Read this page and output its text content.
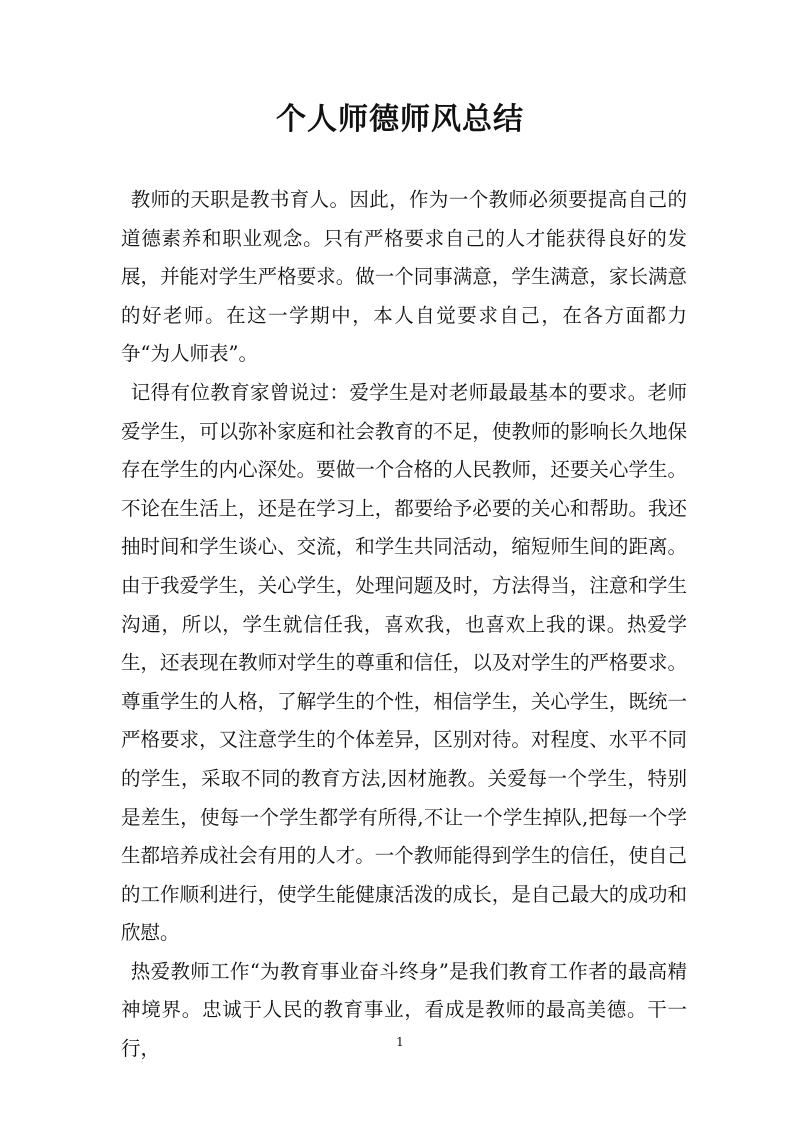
个人师德师风总结

教师的天职是教书育人。因此，作为一个教师必须要提高自己的道德素养和职业观念。只有严格要求自己的人才能获得良好的发展，并能对学生严格要求。做一个同事满意，学生满意，家长满意的好老师。在这一学期中，本人自觉要求自己，在各方面都力争“为人师表”。

记得有位教育家曾说过：爱学生是对老师最最基本的要求。老师爱学生，可以弥补家庭和社会教育的不足，使教师的影响长久地保存在学生的内心深处。要做一个合格的人民教师，还要关心学生。不论在生活上，还是在学习上，都要给予必要的关心和帮助。我还抽时间和学生谈心、交流，和学生共同活动，缩短师生间的距离。由于我爱学生，关心学生，处理问题及时，方法得当，注意和学生沟通，所以，学生就信任我，喜欢我，也喜欢上我的课。热爱学生，还表现在教师对学生的尊重和信任，以及对学生的严格要求。尊重学生的人格，了解学生的个性，相信学生，关心学生，既统一严格要求，又注意学生的个体差异，区别对待。对程度、水平不同的学生，采取不同的教育方法,因材施教。关爱每一个学生，特别是差生，使每一个学生都学有所得,不让一个学生掉队,把每一个学生都培养成社会有用的人才。一个教师能得到学生的信任，使自己的工作顺利进行，使学生能健康活泼的成长，是自己最大的成功和欣慰。

热爱教师工作“为教育事业奋斗终身”是我们教育工作者的最高精神境界。忠诚于人民的教育事业，看成是教师的最高美德。干一行，	1
